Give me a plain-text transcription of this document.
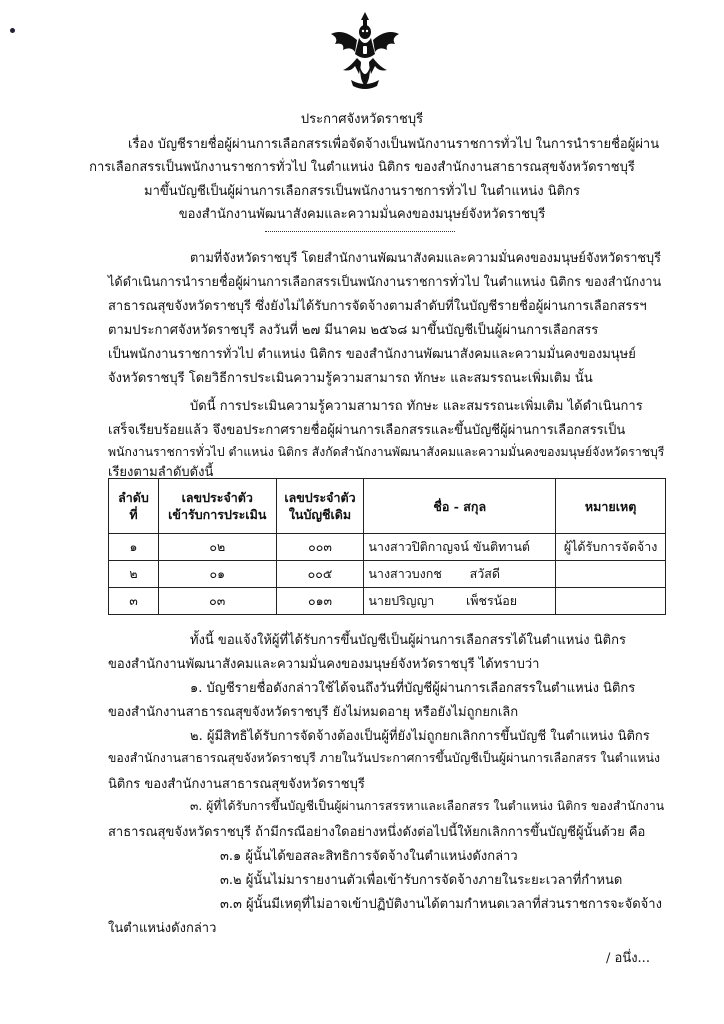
ประกาศจังหวัดราชบุรี
เรื่อง บัญชีรายชื่อผู้ผ่านการเลือกสรรเพื่อจัดจ้างเป็นพนักงานราชการทั่วไป ในการนำรายชื่อผู้ผ่าน
การเลือกสรรเป็นพนักงานราชการทั่วไป ในตำแหน่ง นิติกร ของสำนักงานสาธารณสุขจังหวัดราชบุรี
มาขึ้นบัญชีเป็นผู้ผ่านการเลือกสรรเป็นพนักงานราชการทั่วไป ในตำแหน่ง นิติกร
ของสำนักงานพัฒนาสังคมและความมั่นคงของมนุษย์จังหวัดราชบุรี
ตามที่จังหวัดราชบุรี โดยสำนักงานพัฒนาสังคมและความมั่นคงของมนุษย์จังหวัดราชบุรี
ได้ดำเนินการนำรายชื่อผู้ผ่านการเลือกสรรเป็นพนักงานราชการทั่วไป ในตำแหน่ง นิติกร ของสำนักงาน
สาธารณสุขจังหวัดราชบุรี ซึ่งยังไม่ได้รับการจัดจ้างตามลำดับที่ในบัญชีรายชื่อผู้ผ่านการเลือกสรรฯ
ตามประกาศจังหวัดราชบุรี ลงวันที่ ๒๗ มีนาคม ๒๕๖๘ มาขึ้นบัญชีเป็นผู้ผ่านการเลือกสรร
เป็นพนักงานราชการทั่วไป ตำแหน่ง นิติกร ของสำนักงานพัฒนาสังคมและความมั่นคงของมนุษย์
จังหวัดราชบุรี โดยวิธีการประเมินความรู้ความสามารถ ทักษะ และสมรรถนะเพิ่มเติม นั้น
บัดนี้ การประเมินความรู้ความสามารถ ทักษะ และสมรรถนะเพิ่มเติม ได้ดำเนินการ
เสร็จเรียบร้อยแล้ว จึงขอประกาศรายชื่อผู้ผ่านการเลือกสรรและขึ้นบัญชีผู้ผ่านการเลือกสรรเป็น
พนักงานราชการทั่วไป ตำแหน่ง นิติกร สังกัดสำนักงานพัฒนาสังคมและความมั่นคงของมนุษย์จังหวัดราชบุรี
เรียงตามลำดับดังนี้
ลำดับ
ที่	เลขประจำตัว
เข้ารับการประเมิน	เลขประจำตัว
ในบัญชีเดิม	ชื่อ - สกุล	หมายเหตุ
๑	๐๒	๐๐๓	นางสาวปิติกาญจน์ ขันติทานต์	ผู้ได้รับการจัดจ้าง
๒	๐๑	๐๐๕	นางสาวบงกช       สวัสดี	
๓	๐๓	๐๑๓	นายปริญญา        เพ็ชรน้อย	
ทั้งนี้ ขอแจ้งให้ผู้ที่ได้รับการขึ้นบัญชีเป็นผู้ผ่านการเลือกสรรได้ในตำแหน่ง นิติกร
ของสำนักงานพัฒนาสังคมและความมั่นคงของมนุษย์จังหวัดราชบุรี ได้ทราบว่า
๑. บัญชีรายชื่อดังกล่าวใช้ได้จนถึงวันที่บัญชีผู้ผ่านการเลือกสรรในตำแหน่ง นิติกร
ของสำนักงานสาธารณสุขจังหวัดราชบุรี ยังไม่หมดอายุ หรือยังไม่ถูกยกเลิก
๒. ผู้มีสิทธิได้รับการจัดจ้างต้องเป็นผู้ที่ยังไม่ถูกยกเลิกการขึ้นบัญชี ในตำแหน่ง นิติกร
ของสำนักงานสาธารณสุขจังหวัดราชบุรี ภายในวันประกาศการขึ้นบัญชีเป็นผู้ผ่านการเลือกสรร ในตำแหน่ง
นิติกร ของสำนักงานสาธารณสุขจังหวัดราชบุรี
๓. ผู้ที่ได้รับการขึ้นบัญชีเป็นผู้ผ่านการสรรหาและเลือกสรร ในตำแหน่ง นิติกร ของสำนักงาน
สาธารณสุขจังหวัดราชบุรี ถ้ามีกรณีอย่างใดอย่างหนึ่งดังต่อไปนี้ให้ยกเลิกการขึ้นบัญชีผู้นั้นด้วย คือ
๓.๑ ผู้นั้นได้ขอสละสิทธิการจัดจ้างในตำแหน่งดังกล่าว
๓.๒ ผู้นั้นไม่มารายงานตัวเพื่อเข้ารับการจัดจ้างภายในระยะเวลาที่กำหนด
๓.๓ ผู้นั้นมีเหตุที่ไม่อาจเข้าปฏิบัติงานได้ตามกำหนดเวลาที่ส่วนราชการจะจัดจ้าง
ในตำแหน่งดังกล่าว
/ อนึ่ง...
